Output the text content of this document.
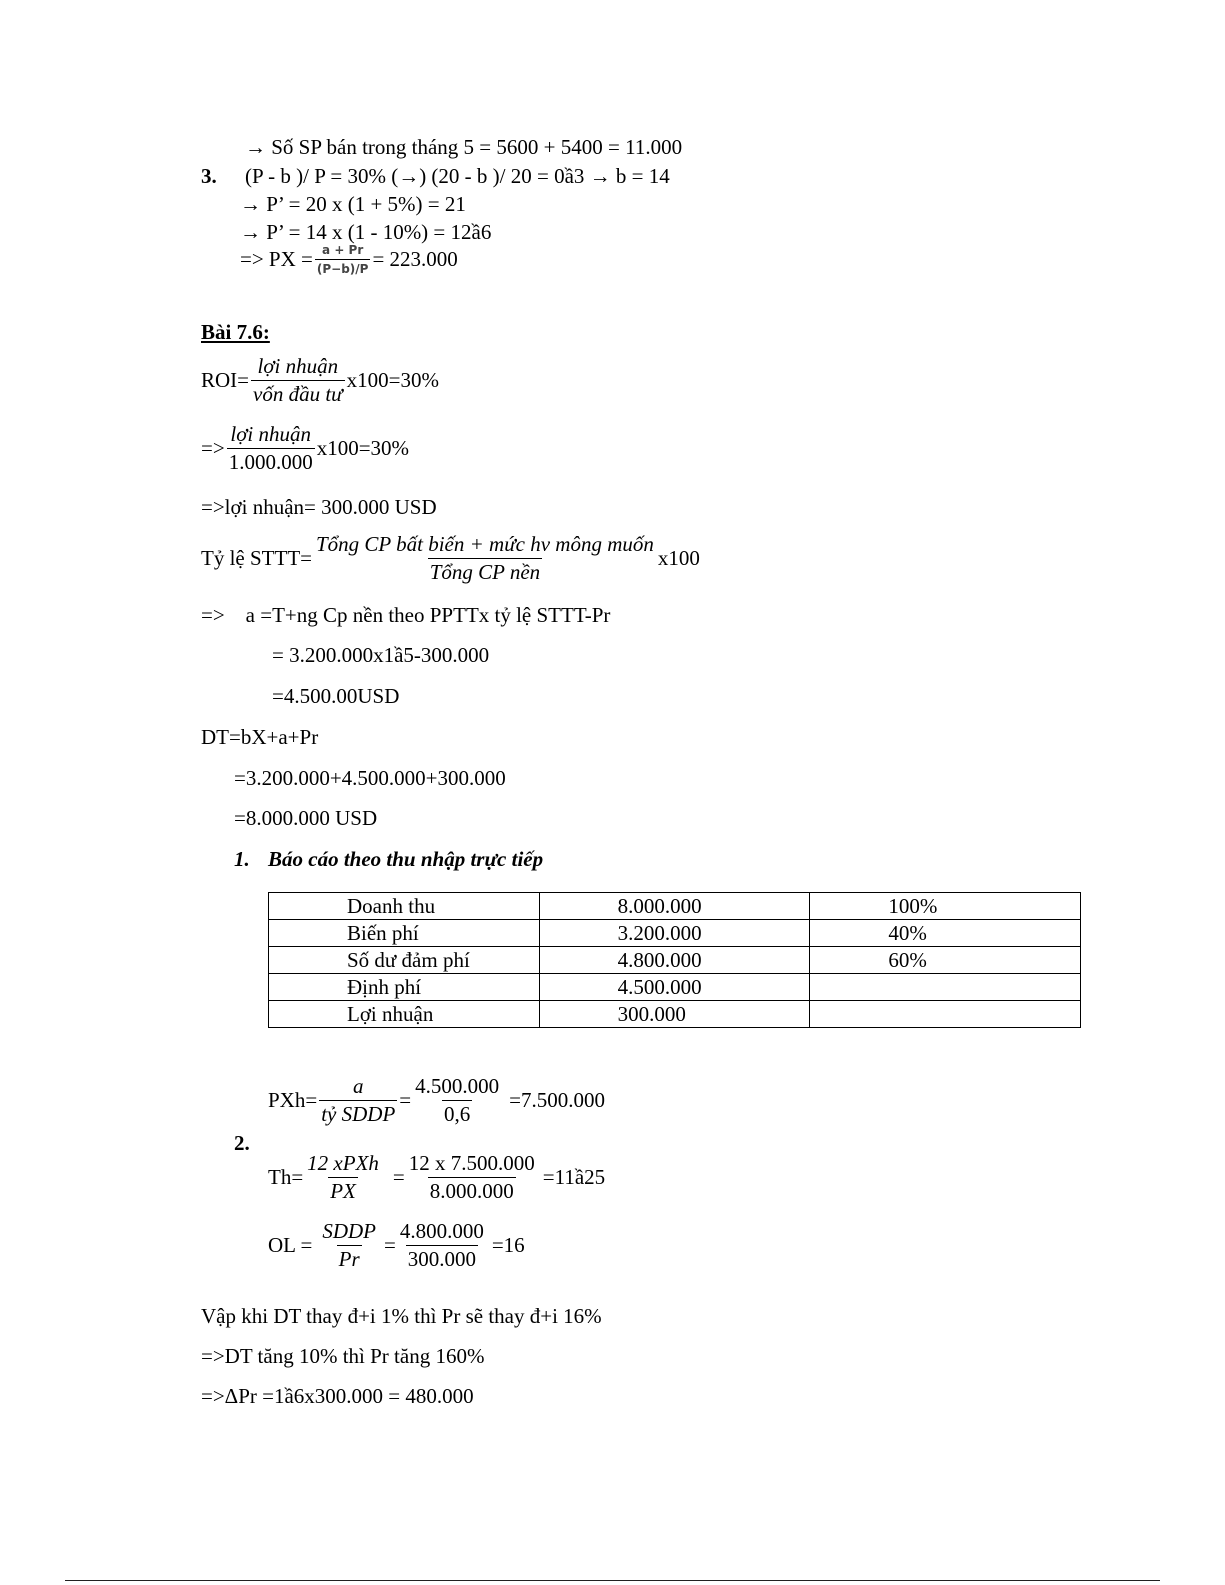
→ Số SP bán trong tháng 5 = 5600 + 5400 = 11.000
3. (P - b )/ P = 30% (→) (20 - b )/ 20 = 0ầ3 → b = 14
→ P’ = 20 x (1 + 5%) = 21
→ P’ = 14 x (1 - 10%) = 12ầ6
=> PX = $\frac{a + Pr}{(P-b)/P} = 223.000$
Bài 7.6:
$ROI= \frac{\text{lợi nhuận}}{\text{vốn đầu tư}} x100=30\%$
=> $\frac{\text{lợi nhuận}}{1.000.000} x100=30\%$
=>lợi nhuận= 300.000 USD
Tỷ lệ STTT= $\frac{\text{Tổng CP bất biến + mức hv mông muốn}}{\text{Tổng CP nền}} x100$
=>    a =T+ng Cp nền theo PPTTx tỷ lệ STTT-Pr
= 3.200.000x1ầ5-300.000
=4.500.00USD
DT=bX+a+Pr
=3.200.000+4.500.000+300.000
=8.000.000 USD
1. Báo cáo theo thu nhập trực tiếp
Doanh thu	8.000.000	100%
Biến phí	3.200.000	40%
Số dư đảm phí	4.800.000	60%
Định phí	4.500.000	
Lợi nhuận	300.000	
$PXh= \frac{a}{\text{tỷ SDDP}} = \frac{4.500.000}{0,6} =7.500.000$
2.
$Th= \frac{\text{12 xPXh}}{PX} = \frac{12 x 7.500.000}{8.000.000}$ =11ầ25
OL = $\frac{\text{SDDP}}{Pr} = \frac{4.800.000}{300.000} =16$
Vập khi DT thay đ+i 1% thì Pr sẽ thay đ+i 16%
=>DT tăng 10% thì Pr tăng 160%
=>ΔPr =1ầ6x300.000 = 480.000
